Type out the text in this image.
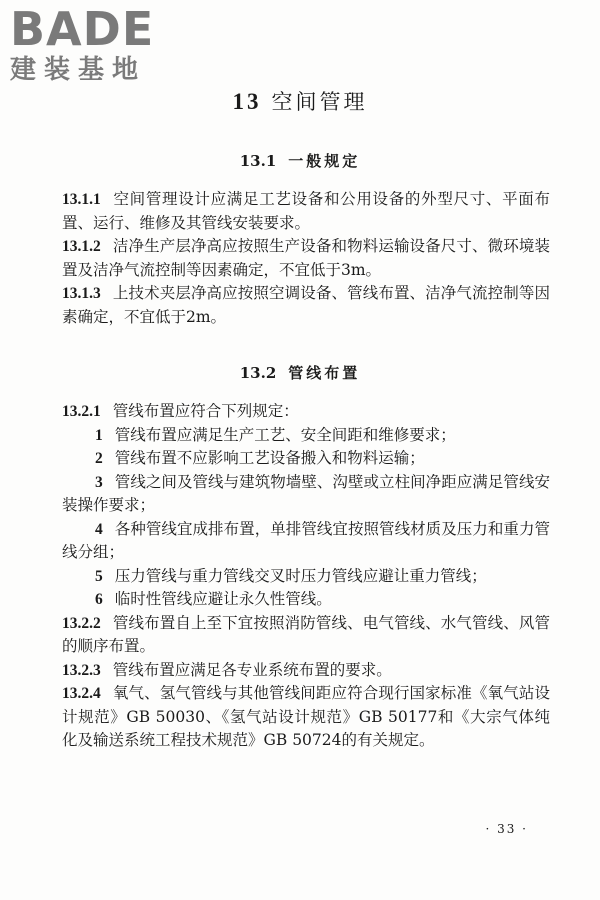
BADE
建装基地
13 空间管理
13.1 一般规定

13.1.1 空间管理设计应满足工艺设备和公用设备的外型尺寸、平面布置、运行、维修及其管线安装要求。

13.1.2 洁净生产层净高应按照生产设备和物料运输设备尺寸、微环境装置及洁净气流控制等因素确定，不宜低于3m。

13.1.3 上技术夹层净高应按照空调设备、管线布置、洁净气流控制等因素确定，不宜低于2m。

13.2 管线布置

13.2.1 管线布置应符合下列规定：

1 管线布置应满足生产工艺、安全间距和维修要求；

2 管线布置不应影响工艺设备搬入和物料运输；

3 管线之间及管线与建筑物墙壁、沟壁或立柱间净距应满足管线安装操作要求；

4 各种管线宜成排布置，单排管线宜按照管线材质及压力和重力管线分组；

5 压力管线与重力管线交叉时压力管线应避让重力管线；

6 临时性管线应避让永久性管线。

13.2.2 管线布置自上至下宜按照消防管线、电气管线、水气管线、风管的顺序布置。

13.2.3 管线布置应满足各专业系统布置的要求。

13.2.4 氧气、氢气管线与其他管线间距应符合现行国家标准《氧气站设计规范》GB 50030、《氢气站设计规范》GB 50177和《大宗气体纯化及输送系统工程技术规范》GB 50724的有关规定。

· 33 ·
